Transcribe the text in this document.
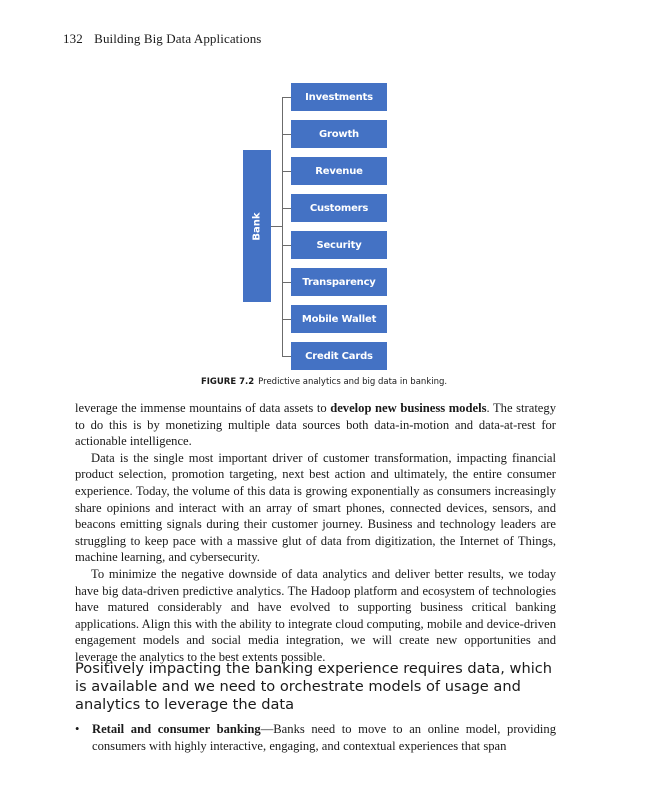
132 Building Big Data Applications
Bank
Investments
Growth
Revenue
Customers
Security
Transparency
Mobile Wallet
Credit Cards
FIGURE 7.2 Predictive analytics and big data in banking.

leverage the immense mountains of data assets to develop new business models. The strategy to do this is by monetizing multiple data sources both data-in-motion and data-at-rest for actionable intelligence.

Data is the single most important driver of customer transformation, impacting financial product selection, promotion targeting, next best action and ultimately, the entire consumer experience. Today, the volume of this data is growing exponentially as consumers increasingly share opinions and interact with an array of smart phones, connected devices, sensors, and beacons emitting signals during their customer journey. Business and technology leaders are struggling to keep pace with a massive glut of data from digitization, the Internet of Things, machine learning, and cybersecurity.

To minimize the negative downside of data analytics and deliver better results, we today have big data-driven predictive analytics. The Hadoop platform and ecosystem of technologies have matured considerably and have evolved to supporting business critical banking applications. Align this with the ability to integrate cloud computing, mobile and device-driven engagement models and social media integration, we will create new opportunities and leverage the analytics to the best extents possible.

Positively impacting the banking experience requires data, which is available and we need to orchestrate models of usage and analytics to leverage the data
• Retail and consumer banking—Banks need to move to an online model, providing consumers with highly interactive, engaging, and contextual experiences that span
